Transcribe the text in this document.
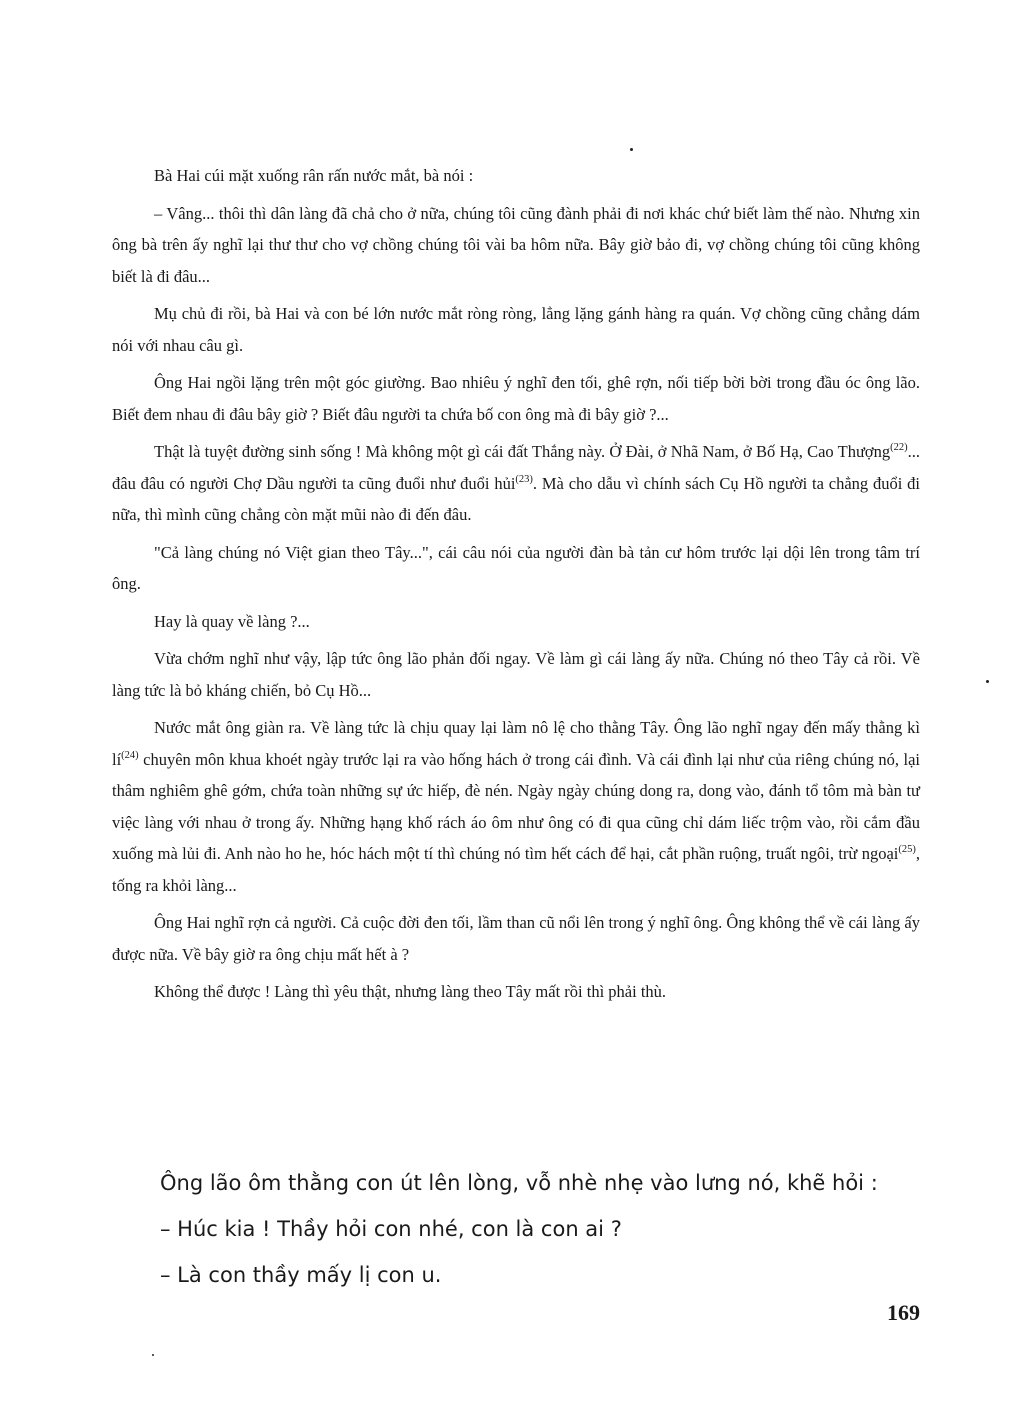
Bà Hai cúi mặt xuống rân rấn nước mắt, bà nói :

– Vâng... thôi thì dân làng đã chả cho ở nữa, chúng tôi cũng đành phải đi nơi khác chứ biết làm thế nào. Nhưng xin ông bà trên ấy nghĩ lại thư thư cho vợ chồng chúng tôi vài ba hôm nữa. Bây giờ bảo đi, vợ chồng chúng tôi cũng không biết là đi đâu...

Mụ chủ đi rồi, bà Hai và con bé lớn nước mắt ròng ròng, lẳng lặng gánh hàng ra quán. Vợ chồng cũng chẳng dám nói với nhau câu gì.

Ông Hai ngồi lặng trên một góc giường. Bao nhiêu ý nghĩ đen tối, ghê rợn, nối tiếp bời bời trong đầu óc ông lão. Biết đem nhau đi đâu bây giờ ? Biết đâu người ta chứa bố con ông mà đi bây giờ ?...

Thật là tuyệt đường sinh sống ! Mà không một gì cái đất Thắng này. Ở Đài, ở Nhã Nam, ở Bố Hạ, Cao Thượng$^{(22)}$... đâu đâu có người Chợ Dầu người ta cũng đuổi như đuổi hủi$^{(23)}$. Mà cho dẫu vì chính sách Cụ Hồ người ta chẳng đuổi đi nữa, thì mình cũng chẳng còn mặt mũi nào đi đến đâu.

"Cả làng chúng nó Việt gian theo Tây...", cái câu nói của người đàn bà tản cư hôm trước lại dội lên trong tâm trí ông.

Hay là quay về làng ?...

Vừa chớm nghĩ như vậy, lập tức ông lão phản đối ngay. Về làm gì cái làng ấy nữa. Chúng nó theo Tây cả rồi. Về làng tức là bỏ kháng chiến, bỏ Cụ Hồ...

Nước mắt ông giàn ra. Về làng tức là chịu quay lại làm nô lệ cho thằng Tây. Ông lão nghĩ ngay đến mấy thằng kì $lí^{(24)}$ chuyên môn khua khoét ngày trước lại ra vào hống hách ở trong cái đình. Và cái đình lại như của riêng chúng nó, lại thâm nghiêm ghê gớm, chứa toàn những sự ức hiếp, đè nén. Ngày ngày chúng dong ra, dong vào, đánh tổ tôm mà bàn tư việc làng với nhau ở trong ấy. Những hạng khố rách áo ôm như ông có đi qua cũng chỉ dám liếc trộm vào, rồi cắm đầu xuống mà lủi đi. Anh nào ho he, hóc hách một tí thì chúng nó tìm hết cách để hại, cắt phần ruộng, truất ngôi, trừ ngoại$^{(25)}$, tống ra khỏi làng...

Ông Hai nghĩ rợn cả người. Cả cuộc đời đen tối, lầm than cũ nổi lên trong ý nghĩ ông. Ông không thể về cái làng ấy được nữa. Về bây giờ ra ông chịu mất hết à ?

Không thể được ! Làng thì yêu thật, nhưng làng theo Tây mất rồi thì phải thù.

Ông lão ôm thằng con út lên lòng, vỗ nhè nhẹ vào lưng nó, khẽ hỏi :

– Húc kia ! Thầy hỏi con nhé, con là con ai ?

– Là con thầy mấy lị con u.

169
